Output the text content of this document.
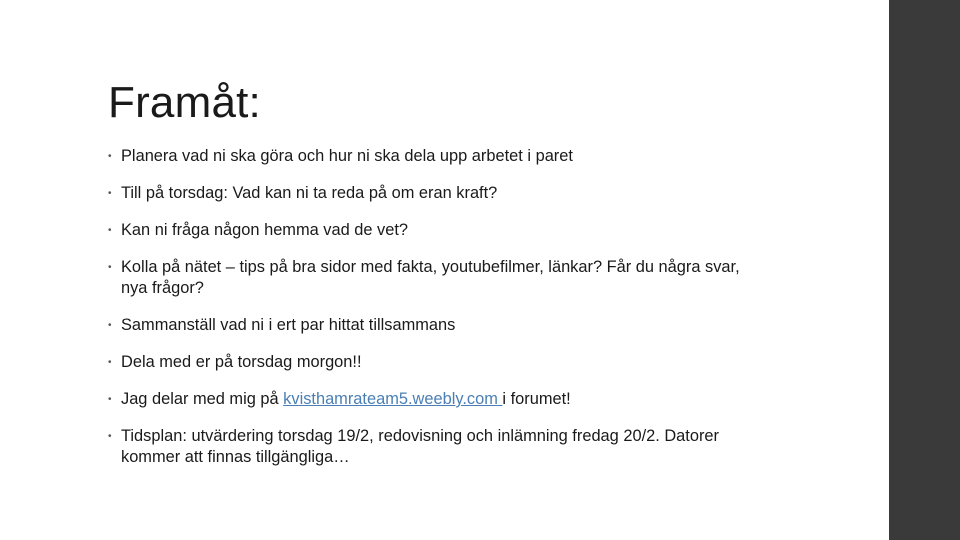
Framåt:
• Planera vad ni ska göra och hur ni ska dela upp arbetet i paret
• Till på torsdag: Vad kan ni ta reda på om eran kraft?
• Kan ni fråga någon hemma vad de vet?
• Kolla på nätet – tips på bra sidor med fakta, youtubefilmer, länkar? Får du några svar, nya frågor?
• Sammanställ vad ni i ert par hittat tillsammans
• Dela med er på torsdag morgon!!
• Jag delar med mig på kvisthamrateam5.weebly.com i forumet!
• Tidsplan: utvärdering torsdag 19/2, redovisning och inlämning fredag 20/2. Datorer kommer att finnas tillgängliga…
